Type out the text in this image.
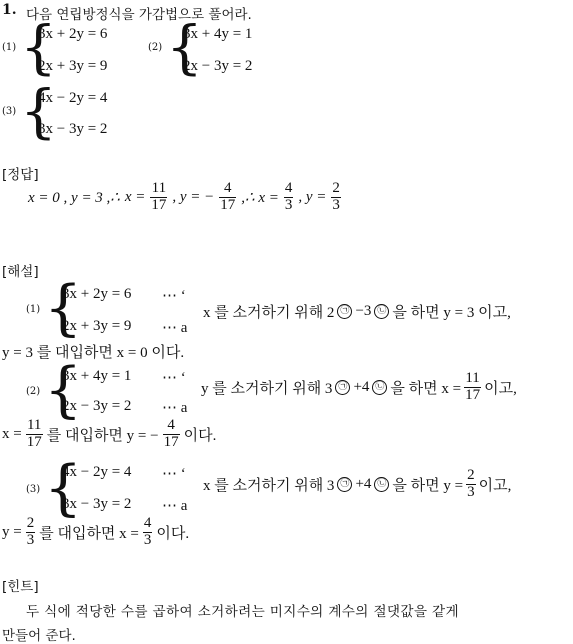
1. 다음 연립방정식을 가감법으로 풀어라.
(1) {
3x + 2y = 6
2x + 3y = 9
(2) {
3x + 4y = 1
2x − 3y = 2
(3) {
4x − 2y = 4
3x − 3y = 2
[정답]
x = 0 , y = 3 ,∴ $x = \frac{11}{17}$ , y = − $\frac{4}{17}$ ,∴ $x = \frac{4}{3}$ , $y = \frac{2}{3}$
[해설]
(1) {
3x + 2y = 6 ⋯ ‘
2x + 3y = 9 ⋯ a
x 를 소거하기 위해 2 ㉠ −3 ㉡ 을 하면 y = 3 이고,
y = 3 를 대입하면 x = 0 이다.
(2) {
3x + 4y = 1 ⋯ ‘
2x − 3y = 2 ⋯ a
y 를 소거하기 위해 3 ㉠ +4 ㉡ 을 하면 $x = \frac{11}{17}$ 이고,
$x = \frac{11}{17}$ 를 대입하면 y = − $\frac{4}{17}$ 이다.
(3) {
4x − 2y = 4 ⋯ ‘
3x − 3y = 2 ⋯ a
x 를 소거하기 위해 3 ㉠ +4 ㉡ 을 하면 $y = \frac{2}{3}$ 이고,
$y = \frac{2}{3}$ 를 대입하면 $x = \frac{4}{3}$ 이다.
[힌트]
두 식에 적당한 수를 곱하여 소거하려는 미지수의 계수의 절댓값을 같게
만들어 준다.
